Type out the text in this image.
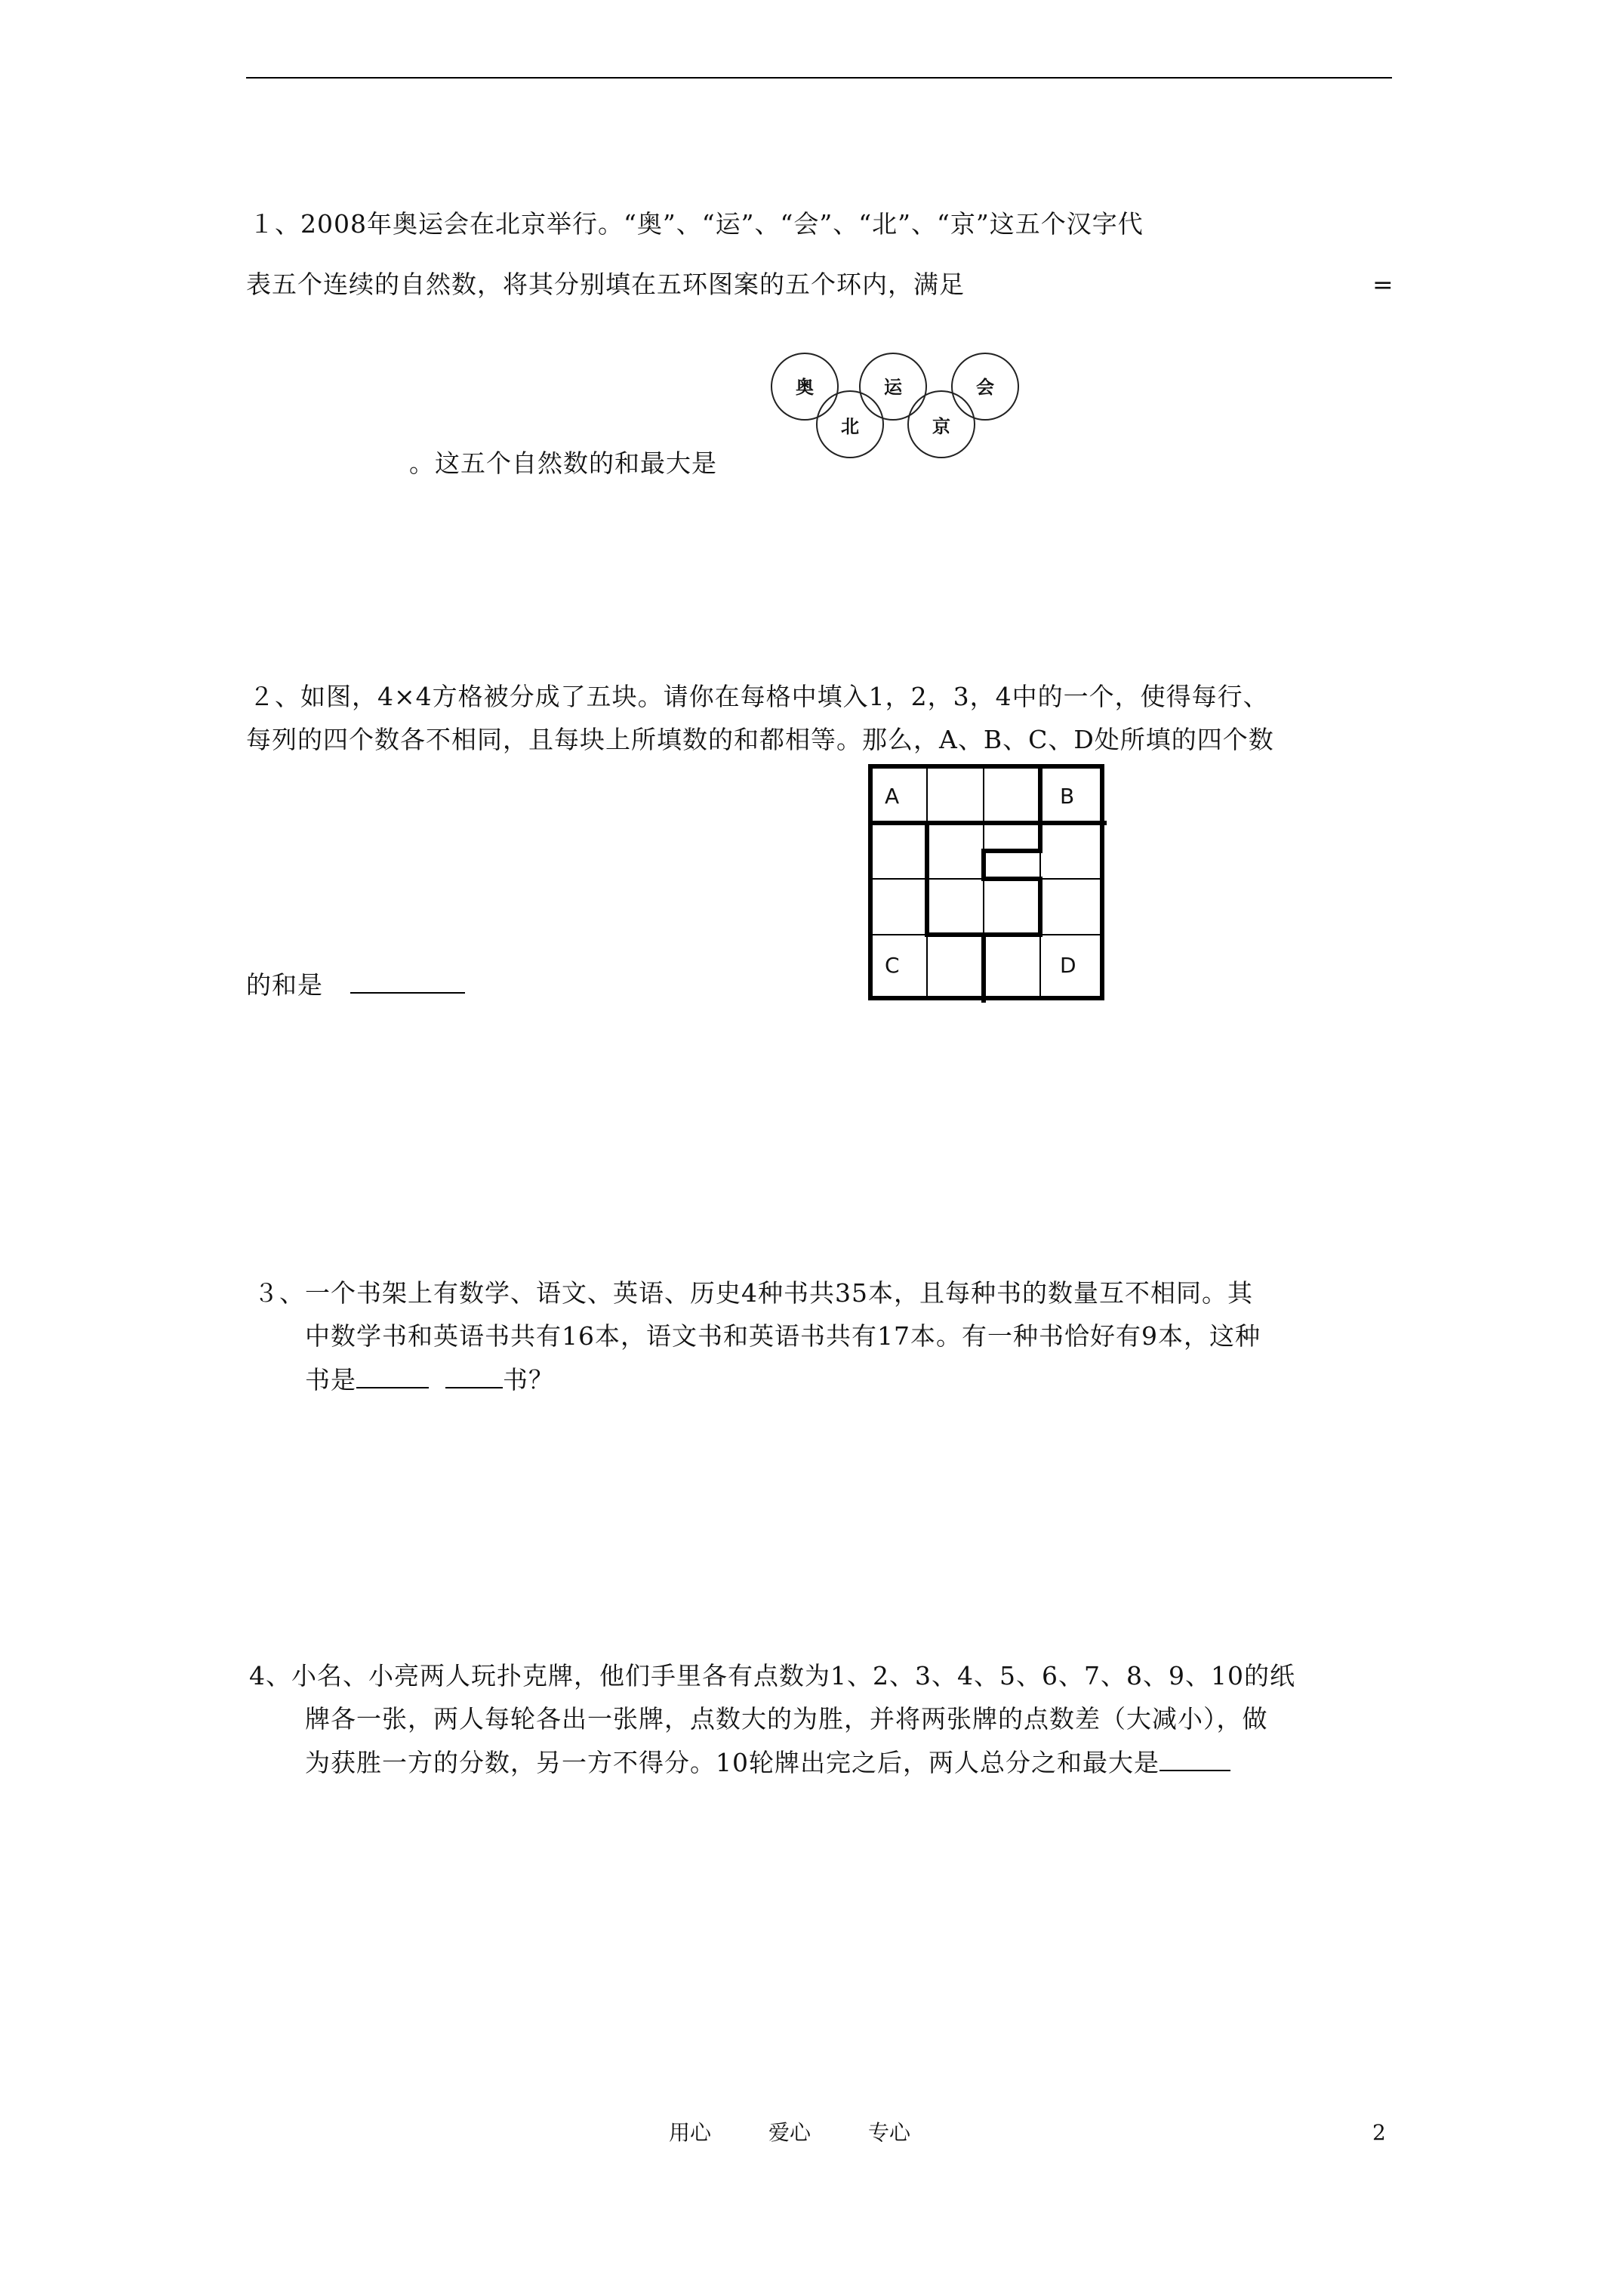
１、2008年奥运会在北京举行。“奥”、“运”、“会”、“北”、“京”这五个汉字代
表五个连续的自然数，将其分别填在五环图案的五个环内，满足	=
奥	运	会
北	京
。这五个自然数的和最大是
２、如图，4×4方格被分成了五块。请你在每格中填入1，2，3，4中的一个，使得每行、
每列的四个数各不相同，且每块上所填数的和都相等。那么，A、B、C、D处所填的四个数
A	B
C	D
的和是
３、一个书架上有数学、语文、英语、历史4种书共35本，且每种书的数量互不相同。其
中数学书和英语书共有16本，语文书和英语书共有17本。有一种书恰好有9本，这种
书是	书？
4、小名、小亮两人玩扑克牌，他们手里各有点数为1、2、3、4、5、6、7、8、9、10的纸
牌各一张，两人每轮各出一张牌，点数大的为胜，并将两张牌的点数差（大减小），做
为获胜一方的分数，另一方不得分。10轮牌出完之后，两人总分之和最大是
用心	爱心	专心	2
